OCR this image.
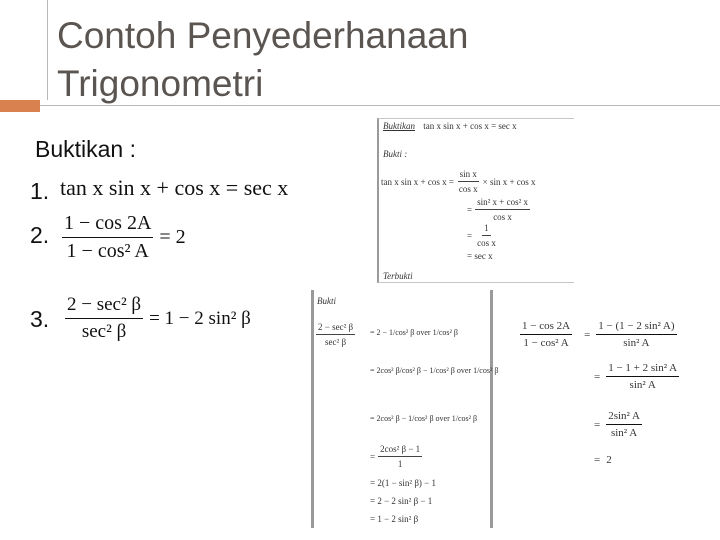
Contoh Penyederhanaan
Trigonometri
Buktikan :
1. tan x sin x + cos x = sec x
2. $\frac{1 - \cos 2A}{\text{1 − cos² A}} = 2$
3. $\frac{\text{2 − sec² β}}{\text{sec² β}} = 1 - 2$ sin² β
Buktikan tan x sin x + cos x = sec x
Bukti :
tan x $\sin x + \cos x = \frac{\text{sin x}}{\text{cos x}} \times \sin x + \cos x$
= $\frac{\text{sin² x + cos² x}}{\text{cos x}}$
= $\frac{1}{\text{cos x}}$
= sec x
Terbukti
Bukti
$\frac{\text{2 − sec² β}}{\text{sec² β}} = 2 - 1/\cos^2$ β over 1/cos² β
= 2cos² β/cos² β − 1/cos² β over 1/cos² β
= 2cos² β − 1/cos² β over 1/cos² β
= $\frac{\text{2cos² β − 1}}{1}$
= 2(1 − sin² β) − 1
= 2 − 2 sin² β − 1
= 1 − 2 sin² β
$\frac{1 - \cos 2A}{\text{1 − cos² A}} = \frac{\text{1 − (1 − 2 sin² A)}}{\text{sin² A}}$
= $\frac{\text{1 − 1 + 2 sin² A}}{\text{sin² A}}$
= $\frac{\text{2sin² A}}{\text{sin² A}}$
= 2
